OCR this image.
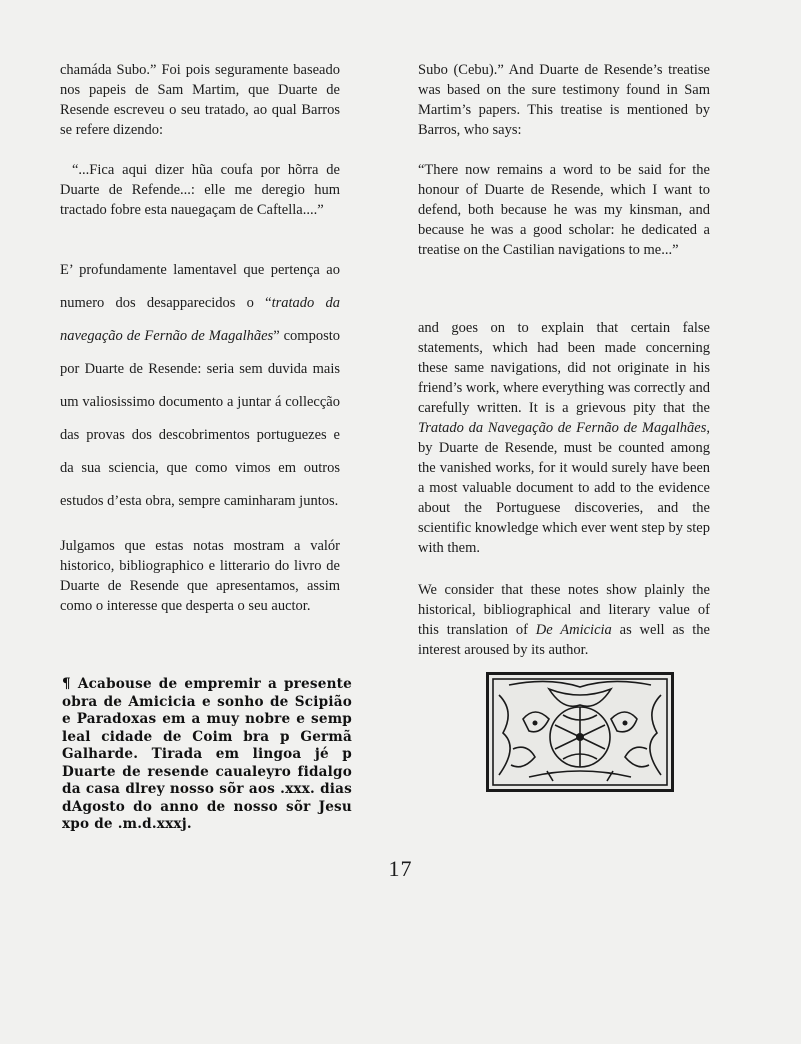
chamáda Subo.” Foi pois seguramente baseado nos papeis de Sam Martim, que Duarte de Resende escreveu o seu tratado, ao qual Barros se refere dizendo:

“...Fica aqui dizer hũa coufa por hõrra de Duarte de Refende...: elle me deregio hum tractado fobre esta nauegaçam de Caftella....”

E’ profundamente lamentavel que pertença ao numero dos desapparecidos o “tratado da navegação de Fernão de Magalhães” composto por Duarte de Resende: seria sem duvida mais um valiosissimo documento a juntar á collecção das provas dos descobrimentos portuguezes e da sua sciencia, que como vimos em outros estudos d’esta obra, sempre caminharam juntos.

Julgamos que estas notas mostram a valór historico, bibliographico e litterario do livro de Duarte de Resende que apresentamos, assim como o interesse que desperta o seu auctor.

Subo (Cebu).” And Duarte de Resende’s treatise was based on the sure testimony found in Sam Martim’s papers. This treatise is mentioned by Barros, who says:

“There now remains a word to be said for the honour of Duarte de Resende, which I want to defend, both because he was my kinsman, and because he was a good scholar: he dedicated a treatise on the Castilian navigations to me...”

and goes on to explain that certain false statements, which had been made concerning these same navigations, did not originate in his friend’s work, where everything was correctly and carefully written. It is a grievous pity that the Tratado da Navegação de Fernão de Magalhães, by Duarte de Resende, must be counted among the vanished works, for it would surely have been a most valuable document to add to the evidence about the Portuguese discoveries, and the scientific knowledge which ever went step by step with them.

We consider that these notes show plainly the historical, bibliographical and literary value of this translation of De Amicicia as well as the interest aroused by its author.

¶ Acabouse de empremir a presente obra de Amicicia e sonho de Scipião e Paradoxas em a muy nobre e semp leal cidade de Coim bra p Germã Galharde. Tirada em lingoa jé p Duarte de resende caualeyro fidalgo da casa dlrey nosso sõr aos .xxx. dias dAgosto do anno de nosso sõr Jesu xpo de .m.d.xxxj.
17
